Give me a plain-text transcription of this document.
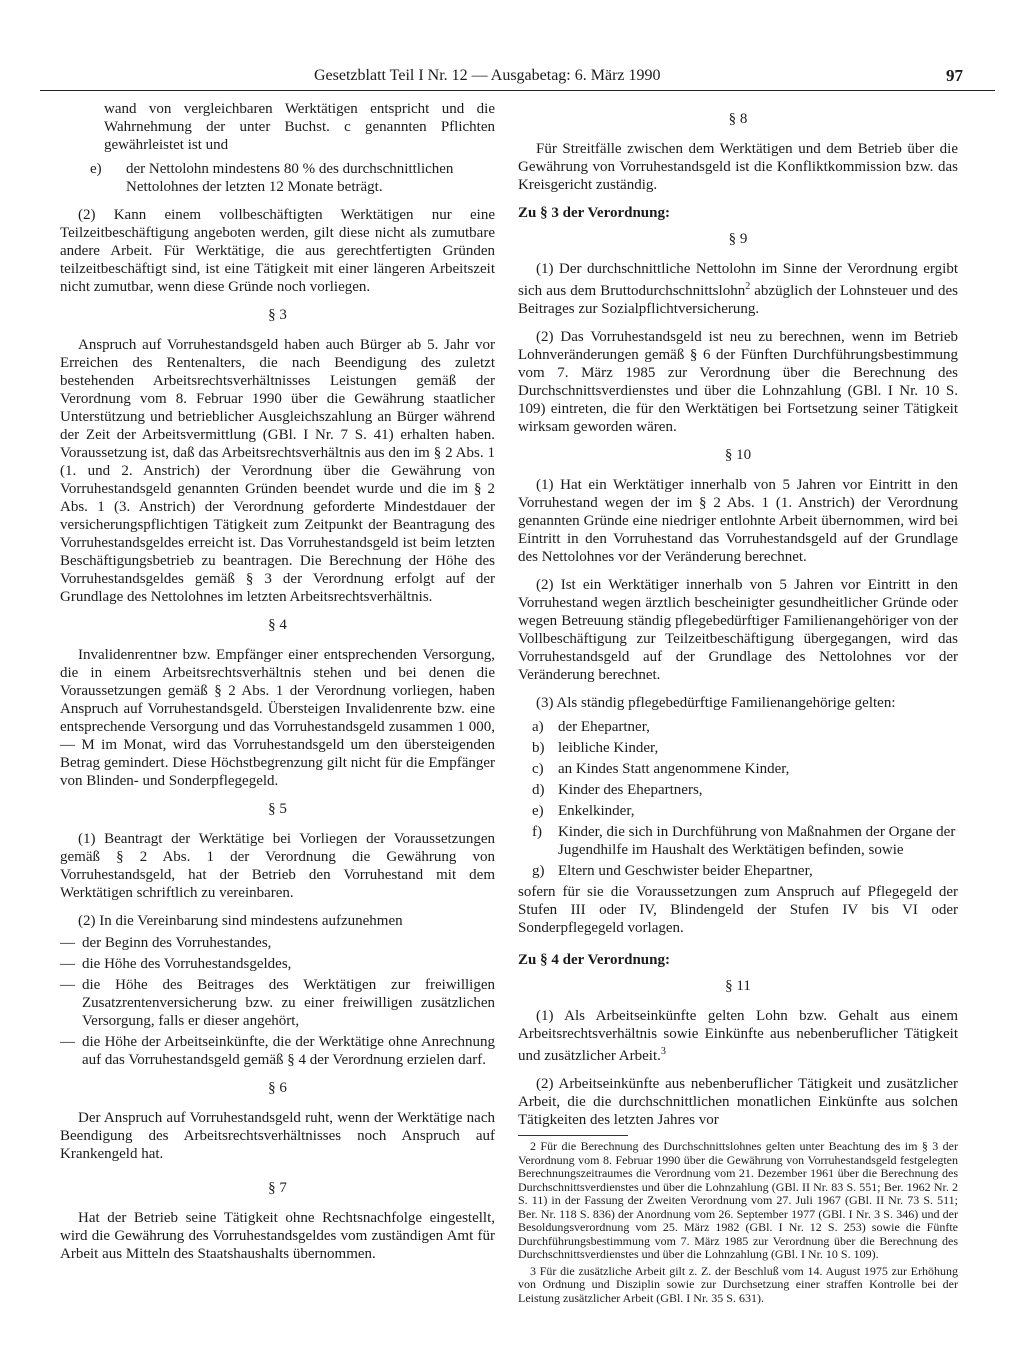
Gesetzblatt Teil I Nr. 12 — Ausgabetag: 6. März 1990	97

wand von vergleichbaren Werktätigen entspricht und die Wahrnehmung der unter Buchst. c genannten Pflichten gewährleistet ist und

e)	der Nettolohn mindestens 80 % des durchschnittlichen Nettolohnes der letzten 12 Monate beträgt.

(2) Kann einem vollbeschäftigten Werktätigen nur eine Teilzeitbeschäftigung angeboten werden, gilt diese nicht als zumutbare andere Arbeit. Für Werktätige, die aus gerechtfertigten Gründen teilzeitbeschäftigt sind, ist eine Tätigkeit mit einer längeren Arbeitszeit nicht zumutbar, wenn diese Gründe noch vorliegen.

§ 3

Anspruch auf Vorruhestandsgeld haben auch Bürger ab 5. Jahr vor Erreichen des Rentenalters, die nach Beendigung des zuletzt bestehenden Arbeitsrechtsverhältnisses Leistungen gemäß der Verordnung vom 8. Februar 1990 über die Gewährung staatlicher Unterstützung und betrieblicher Ausgleichszahlung an Bürger während der Zeit der Arbeitsvermittlung (GBl. I Nr. 7 S. 41) erhalten haben. Voraussetzung ist, daß das Arbeitsrechtsverhältnis aus den im § 2 Abs. 1 (1. und 2. Anstrich) der Verordnung über die Gewährung von Vorruhestandsgeld genannten Gründen beendet wurde und die im § 2 Abs. 1 (3. Anstrich) der Verordnung geforderte Mindestdauer der versicherungspflichtigen Tätigkeit zum Zeitpunkt der Beantragung des Vorruhestandsgeldes erreicht ist. Das Vorruhestandsgeld ist beim letzten Beschäftigungsbetrieb zu beantragen. Die Berechnung der Höhe des Vorruhestandsgeldes gemäß § 3 der Verordnung erfolgt auf der Grundlage des Nettolohnes im letzten Arbeitsrechtsverhältnis.

§ 4

Invalidenrentner bzw. Empfänger einer entsprechenden Versorgung, die in einem Arbeitsrechtsverhältnis stehen und bei denen die Voraussetzungen gemäß § 2 Abs. 1 der Verordnung vorliegen, haben Anspruch auf Vorruhestandsgeld. Übersteigen Invalidenrente bzw. eine entsprechende Versorgung und das Vorruhestandsgeld zusammen 1 000,— M im Monat, wird das Vorruhestandsgeld um den übersteigenden Betrag gemindert. Diese Höchstbegrenzung gilt nicht für die Empfänger von Blinden- und Sonderpflegegeld.

§ 5

(1) Beantragt der Werktätige bei Vorliegen der Voraussetzungen gemäß § 2 Abs. 1 der Verordnung die Gewährung von Vorruhestandsgeld, hat der Betrieb den Vorruhestand mit dem Werktätigen schriftlich zu vereinbaren.

(2) In die Vereinbarung sind mindestens aufzunehmen

— der Beginn des Vorruhestandes,
— die Höhe des Vorruhestandsgeldes,
— die Höhe des Beitrages des Werktätigen zur freiwilligen Zusatzrentenversicherung bzw. zu einer freiwilligen zusätzlichen Versorgung, falls er dieser angehört,
— die Höhe der Arbeitseinkünfte, die der Werktätige ohne Anrechnung auf das Vorruhestandsgeld gemäß § 4 der Verordnung erzielen darf.

§ 6

Der Anspruch auf Vorruhestandsgeld ruht, wenn der Werktätige nach Beendigung des Arbeitsrechtsverhältnisses noch Anspruch auf Krankengeld hat.

§ 7

Hat der Betrieb seine Tätigkeit ohne Rechtsnachfolge eingestellt, wird die Gewährung des Vorruhestandsgeldes vom zuständigen Amt für Arbeit aus Mitteln des Staatshaushalts übernommen.

§ 8

Für Streitfälle zwischen dem Werktätigen und dem Betrieb über die Gewährung von Vorruhestandsgeld ist die Konfliktkommission bzw. das Kreisgericht zuständig.

Zu § 3 der Verordnung:

§ 9

(1) Der durchschnittliche Nettolohn im Sinne der Verordnung ergibt sich aus dem Bruttodurchschnittslohn$^2$ abzüglich der Lohnsteuer und des Beitrages zur Sozialpflichtversicherung.

(2) Das Vorruhestandsgeld ist neu zu berechnen, wenn im Betrieb Lohnveränderungen gemäß § 6 der Fünften Durchführungsbestimmung vom 7. März 1985 zur Verordnung über die Berechnung des Durchschnittsverdienstes und über die Lohnzahlung (GBl. I Nr. 10 S. 109) eintreten, die für den Werktätigen bei Fortsetzung seiner Tätigkeit wirksam geworden wären.

§ 10

(1) Hat ein Werktätiger innerhalb von 5 Jahren vor Eintritt in den Vorruhestand wegen der im § 2 Abs. 1 (1. Anstrich) der Verordnung genannten Gründe eine niedriger entlohnte Arbeit übernommen, wird bei Eintritt in den Vorruhestand das Vorruhestandsgeld auf der Grundlage des Nettolohnes vor der Veränderung berechnet.

(2) Ist ein Werktätiger innerhalb von 5 Jahren vor Eintritt in den Vorruhestand wegen ärztlich bescheinigter gesundheitlicher Gründe oder wegen Betreuung ständig pflegebedürftiger Familienangehöriger von der Vollbeschäftigung zur Teilzeitbeschäftigung übergegangen, wird das Vorruhestandsgeld auf der Grundlage des Nettolohnes vor der Veränderung berechnet.

(3) Als ständig pflegebedürftige Familienangehörige gelten:

a) der Ehepartner,
b) leibliche Kinder,
c) an Kindes Statt angenommene Kinder,
d) Kinder des Ehepartners,
e) Enkelkinder,
f)	Kinder, die sich in Durchführung von Maßnahmen der Organe der Jugendhilfe im Haushalt des Werktätigen befinden, sowie
g) Eltern und Geschwister beider Ehepartner,

sofern für sie die Voraussetzungen zum Anspruch auf Pflegegeld der Stufen III oder IV, Blindengeld der Stufen IV bis VI oder Sonderpflegegeld vorlagen.

Zu § 4 der Verordnung:

§ 11

(1) Als Arbeitseinkünfte gelten Lohn bzw. Gehalt aus einem Arbeitsrechtsverhältnis sowie Einkünfte aus nebenberuflicher Tätigkeit und zusätzlicher Arbeit.$^3$

(2) Arbeitseinkünfte aus nebenberuflicher Tätigkeit und zusätzlicher Arbeit, die die durchschnittlichen monatlichen Einkünfte aus solchen Tätigkeiten des letzten Jahres vor

2 Für die Berechnung des Durchschnittslohnes gelten unter Beachtung des im § 3 der Verordnung vom 8. Februar 1990 über die Gewährung von Vorruhestandsgeld festgelegten Berechnungszeitraumes die Verordnung vom 21. Dezember 1961 über die Berechnung des Durchschnittsverdienstes und über die Lohnzahlung (GBl. II Nr. 83 S. 551; Ber. 1962 Nr. 2 S. 11) in der Fassung der Zweiten Verordnung vom 27. Juli 1967 (GBl. II Nr. 73 S. 511; Ber. Nr. 118 S. 836) der Anordnung vom 26. September 1977 (GBl. I Nr. 3 S. 346) und der Besoldungsverordnung vom 25. März 1982 (GBl. I Nr. 12 S. 253) sowie die Fünfte Durchführungsbestimmung vom 7. März 1985 zur Verordnung über die Berechnung des Durchschnittsverdienstes und über die Lohnzahlung (GBl. I Nr. 10 S. 109).

3 Für die zusätzliche Arbeit gilt z. Z. der Beschluß vom 14. August 1975 zur Erhöhung von Ordnung und Disziplin sowie zur Durchsetzung einer straffen Kontrolle bei der Leistung zusätzlicher Arbeit (GBl. I Nr. 35 S. 631).
